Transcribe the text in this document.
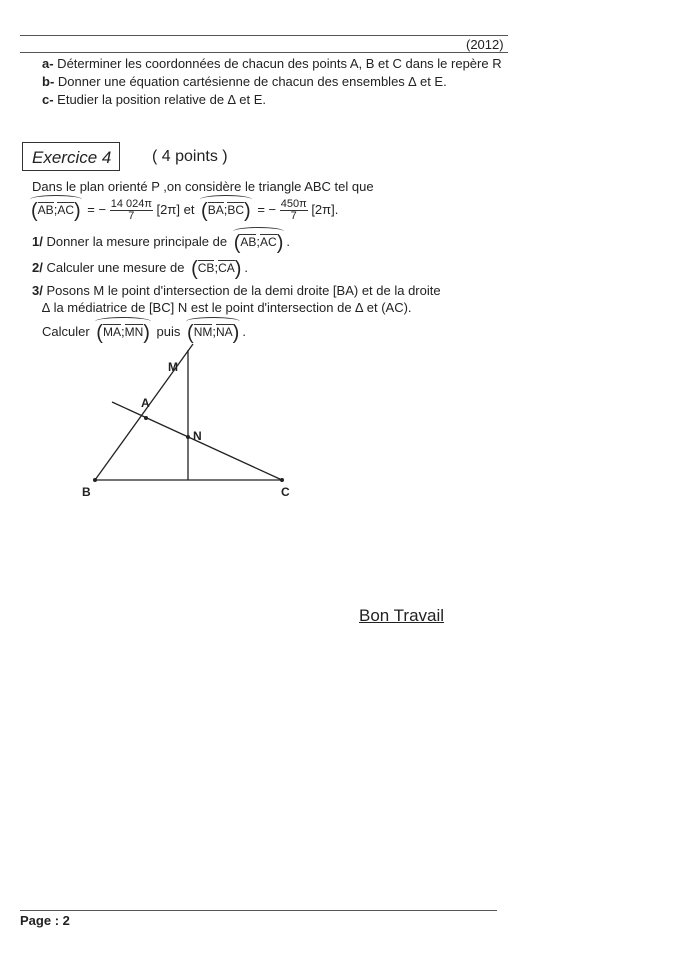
(2012)
a- Déterminer les coordonnées de chacun des points A, B et C dans le repère R
b- Donner une équation cartésienne de chacun des ensembles ∆ et E.
c- Etudier la position relative de ∆ et E.
Exercice 4	( 4 points )
Dans le plan orienté P ,on considère le triangle ABC tel que
(AB;AC) = − $\frac{14 024\pi}{7} [2\pi]$ et
(BA;BC) = − $\frac{450\pi}{7} [2\pi]$.
1/ Donner la mesure principale de
(AB;AC) .
2/ Calculer une mesure de (CB;CA) .
3/ Posons M le point d'intersection de la demi droite [BA) et de la droite
∆ la médiatrice de [BC] N est le point d'intersection de ∆ et (AC).
Calculer
(MA;MN) puis
(NM;NA) .
M
A
N
B	C
Bon Travail
Page : 2
